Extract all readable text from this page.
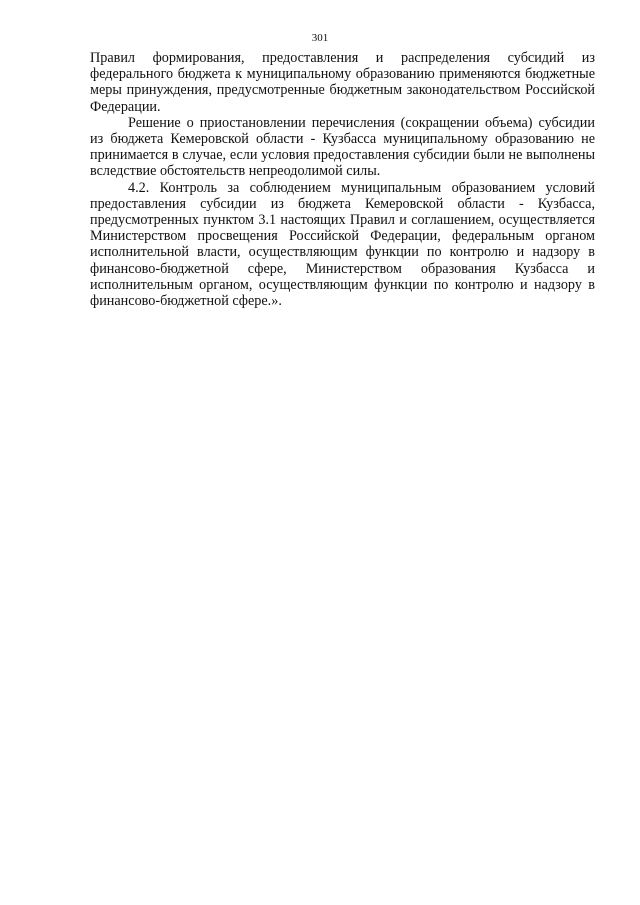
301

Правил формирования, предоставления и распределения субсидий из федерального бюджета к муниципальному образованию применяются бюджетные меры принуждения, предусмотренные бюджетным законодательством Российской Федерации.

Решение о приостановлении перечисления (сокращении объема) субсидии из бюджета Кемеровской области - Кузбасса муниципальному образованию не принимается в случае, если условия предоставления субсидии были не выполнены вследствие обстоятельств непреодолимой силы.

4.2. Контроль за соблюдением муниципальным образованием условий предоставления субсидии из бюджета Кемеровской области - Кузбасса, предусмотренных пунктом 3.1 настоящих Правил и соглашением, осуществляется Министерством просвещения Российской Федерации, федеральным органом исполнительной власти, осуществляющим функции по контролю и надзору в финансово-бюджетной сфере, Министерством образования Кузбасса и исполнительным органом, осуществляющим функции по контролю и надзору в финансово-бюджетной сфере.».
